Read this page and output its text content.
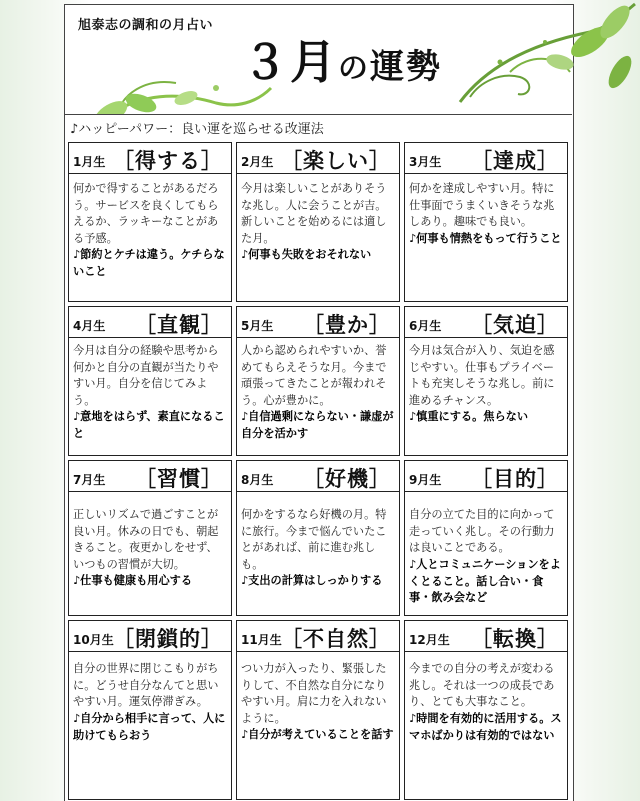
旭泰志の調和の月占い
３月の運勢
♪ハッピーパワー：良い運を巡らせる改運法
1月生 ［得する］
何かで得することがあるだろう。サービスを良くしてもらえるか、ラッキーなことがある予感。
♪節約とケチは違う。ケチらないこと
2月生 ［楽しい］
今月は楽しいことがありそうな兆し。人に会うことが吉。新しいことを始めるには適した月。
♪何事も失敗をおそれない
3月生 ［達成］
何かを達成しやすい月。特に仕事面でうまくいきそうな兆しあり。趣味でも良い。
♪何事も情熱をもって行うこと
4月生 ［直観］
今月は自分の経験や思考から何かと自分の直観が当たりやすい月。自分を信じてみよう。
♪意地をはらず、素直になること
5月生 ［豊か］
人から認められやすいか、誉めてもらえそうな月。今まで頑張ってきたことが報われそう。心が豊かに。
♪自信過剰にならない・謙虚が自分を活かす
6月生 ［気迫］
今月は気合が入り、気迫を感じやすい。仕事もプライベートも充実しそうな兆し。前に進めるチャンス。
♪慎重にする。焦らない
7月生 ［習慣］
正しいリズムで過ごすことが良い月。休みの日でも、朝起きること。夜更かしをせず、いつもの習慣が大切。
♪仕事も健康も用心する
8月生 ［好機］
何かをするなら好機の月。特に旅行。今まで悩んでいたことがあれば、前に進む兆しも。
♪支出の計算はしっかりする
9月生 ［目的］
自分の立てた目的に向かって走っていく兆し。その行動力は良いことである。
♪人とコミュニケーションをよくとること。話し合い・食事・飲み会など
10月生 ［閉鎖的］
自分の世界に閉じこもりがちに。どうせ自分なんてと思いやすい月。運気停滞ぎみ。
♪自分から相手に言って、人に助けてもらおう
11月生 ［不自然］
つい力が入ったり、緊張したりして、不自然な自分になりやすい月。肩に力を入れないように。
♪自分が考えていることを話す
12月生 ［転換］
今までの自分の考えが変わる兆し。それは一つの成長であり、とても大事なこと。
♪時間を有効的に活用する。スマホばかりは有効的ではない
